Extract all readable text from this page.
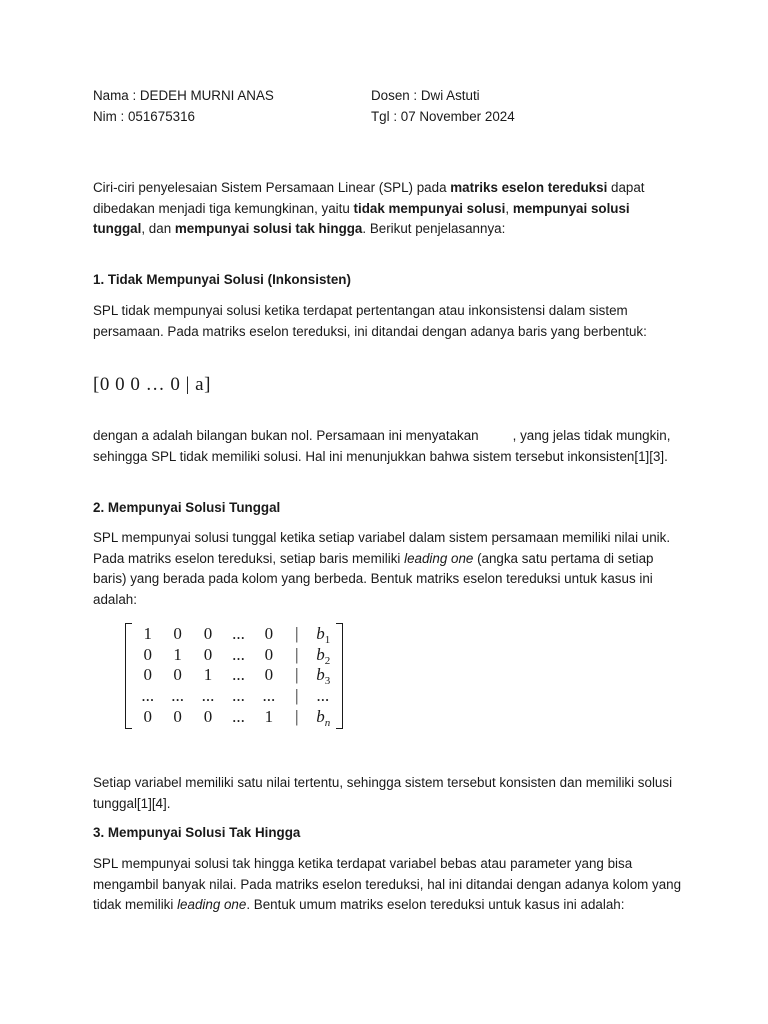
Nama : DEDEH MURNI ANAS
Nim : 051675316
Dosen : Dwi Astuti
Tgl : 07 November 2024

Ciri-ciri penyelesaian Sistem Persamaan Linear (SPL) pada matriks eselon tereduksi dapat dibedakan menjadi tiga kemungkinan, yaitu tidak mempunyai solusi, mempunyai solusi tunggal, dan mempunyai solusi tak hingga. Berikut penjelasannya:

1. Tidak Mempunyai Solusi (Inkonsisten)

SPL tidak mempunyai solusi ketika terdapat pertentangan atau inkonsistensi dalam sistem persamaan. Pada matriks eselon tereduksi, ini ditandai dengan adanya baris yang berbentuk:

[0 0 0 … 0 | a]

dengan a adalah bilangan bukan nol. Persamaan ini menyatakan	, yang jelas tidak mungkin, sehingga SPL tidak memiliki solusi. Hal ini menunjukkan bahwa sistem tersebut inkonsisten[1][3].

2. Mempunyai Solusi Tunggal

SPL mempunyai solusi tunggal ketika setiap variabel dalam sistem persamaan memiliki nilai unik. Pada matriks eselon tereduksi, setiap baris memiliki leading one (angka satu pertama di setiap baris) yang berada pada kolom yang berbeda. Bentuk matriks eselon tereduksi untuk kasus ini adalah:

1	0	0	...	0	|	$b_1$
0	1	0	...	0	|	$b_2$
0	0	1	...	0	|	$b_3$
...	...	...	...	...	|	...
0	0	0	...	1	|	$b_n$

Setiap variabel memiliki satu nilai tertentu, sehingga sistem tersebut konsisten dan memiliki solusi tunggal[1][4].

3. Mempunyai Solusi Tak Hingga

SPL mempunyai solusi tak hingga ketika terdapat variabel bebas atau parameter yang bisa mengambil banyak nilai. Pada matriks eselon tereduksi, hal ini ditandai dengan adanya kolom yang tidak memiliki leading one. Bentuk umum matriks eselon tereduksi untuk kasus ini adalah:
